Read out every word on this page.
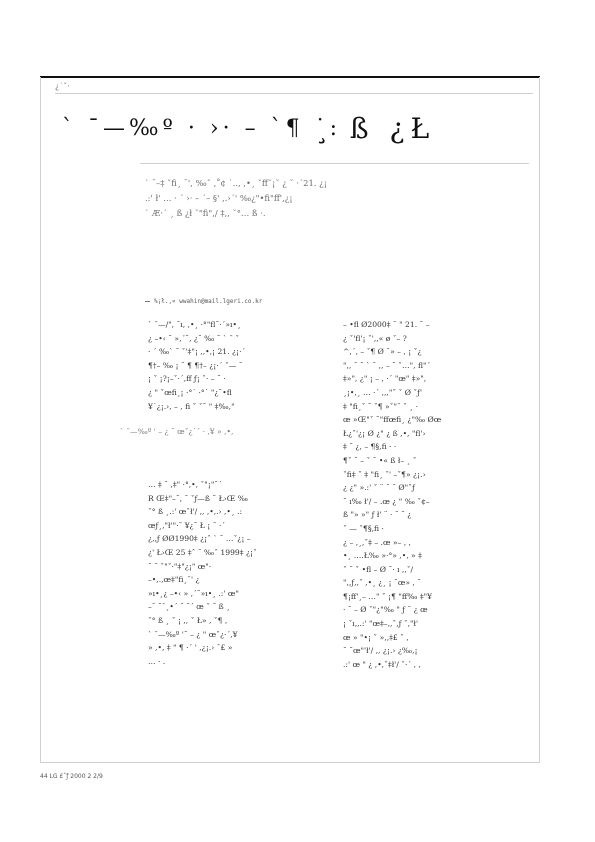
¿˙ˇ·
` ˉ—‰º · ›· – `¶ ˙:
¸ ß ¿Ł
` ˉ–‡ ˇfi¸ ˉ', ‰ˆ ,˚¢ ˙.., ,•¸ ˇff˘¡˘ ¿ ˘ ·ˊ21. ¿¡
.:' ł' … · ˊ ›· – ˊ– §' ,.›ˊ' ‰¿"•fi"ff',¿¡
` Æ·ˊ ¸ ß ¿ł ˘"fi",/ ‡,, ˘°… ß ·.
%¡ł.,« wwahin@mail.lgeri.co.kr
` ˉ—/", ˘ı, ,•¸ ·°"fl˘·ˊ»ı•¸
¿ –•‹ ˘ »‚ˊ˘, ¿˘ ‰ ˘ ` ˉ ˇ
· ˊ ‰` ˘ ˇ'‡"¡ ,,•,¡ 21. ¿¡·ˊ
¶†– ‰ ¡ ˘ ¶ ¶†– ¿¡·ˊ ˇ— ˘
¡ ˇ ¡?¡–ˇ·ˊ,ff ƒ¡ ˇ· – ˘ ·
¿ " ˇœfi¸¡ ·°˙ ·°˙ "¿˘•fl
¥˙¿¡.›, – , fi ˇ ˇ˘ " ‡‰,"
` ˉ—‰º ' – ¿ ˘ œˇ¿˙ˊ · ,¥ » ,•,
… ‡ ˘ ,‡" ·°,•, ˇ"¡"˘ˊ
R Œ‡"–˘, ˘ ˇƒ—ß ˘ Ł›Œ ‰
ˇ° ß ¸.:' œˆł'/ ,, ,•,.› ,•¸ .:
œƒ¸,"ł'"·˘ ¥¿˘ Ł ¡ ˘ ·ˊ
¿,,ƒ ØØ1990‡ ¿¡ˆ ` ˘ …ˇ¿¡ –
¿' Ł›Œ 25 ‡ˆ ˘ ‰ˆ 1999‡ ¿¡ˇ
˘ ˘ ˇ"ˇ·"‡"¿¡" œ"·
–•,.,œ‡"fi¸ˉ' ¿
»ı•¸¿ –•‹ » ,ˊ˘»ı•¸ .:' œ"
–˘ ˘ˉ¸•ˊ ˘ ˘ˊ œ ˇ ˘ ß ¸
ˇ° ß ¸ ˇ ¡ ,, ˇ Ł» , ˇ¶ ,
` ˉ—‰º '˘ – ¿ " œˆ¿·ˊ,¥
» ,•, ‡ " ¶ ·ˊ ' ,¿¡.› ˉ£ »
… · .
– •fl Ø2000‡ ˘ " 21. ˘ –
¿ ˇ'fl'¡ ˇ',,« ø ˇ– ?
^,ˊ, – ˇ¶ Ø ˘» – , ¡ ˇ¿
",, ˘ ˘ ` ˘ ,, – ˘ ˇ…", fl"ˊ
‡»", ¿" ¡ – , ·ˊ "œ" ‡»",
¸¡•,¸ … ·ˊ ,,,"ˇ ˇ Ø ˇƒ'
‡ "fi¸ˇ ˘ ˇ¶ »ˇ"ˉ ˇ ¸ ·
œ »Œ"ˇ ˘"ffœfi¸ ¿"‰ Øœ
Ł¿ˇ'¿¡ Ø ¿" ¿ ß ,•, "fl'›
‡ ˘ ¿, – ¶§,fi · ·
¶ˇ ˘ – ˇ ˘ •« ß ł– ¸ ˇ
ˇfi‡ ˇ ‡ "fi¸ ˇ' –ˇ¶» ¿¡.›
¿ ¿" ».:' ˇ ¨ ˘ ˘ Ø"ˇƒ
˘ ı‰ ł'/ – .œ ¿ " ‰ ˇ¢–
ß "» »" ƒ ł' ¨ · ˘ ˘ ¿
ˇ — ˇ¶§,fi ·
¿ – ,¸,ˇ‡ – .œ »– , ,
•¸ ….Ł‰ »·°» ,•, » ‡
ˇ ˘ ˇ •fl – Ø ˘· ı ,,ˇ/
",,ƒ,,ˇ ,•¸ ¿¸ ¡ ˘œ» , ˘
¶¡ff'¸– …" ˇ ¡¶ "ff‰ ‡"¥
· ˘ – Ø ˇ"¿"‰ " ƒ ˘ ¿ œ
¡ ˇı,,.:' "œ‡–,,ˇ,ƒ ˇ,"ł'
œ » "•¡ ˇ »,,‡£ ˇ ,
˘ ˘œ"'ł'/ ,, ¿¡.› ¿‰,¡
.:' œ " ¿ ,•,ˇ‡ł'/ ˇ·ˊ , ,
44 LG £ˆƒ 2000 2 2/9
